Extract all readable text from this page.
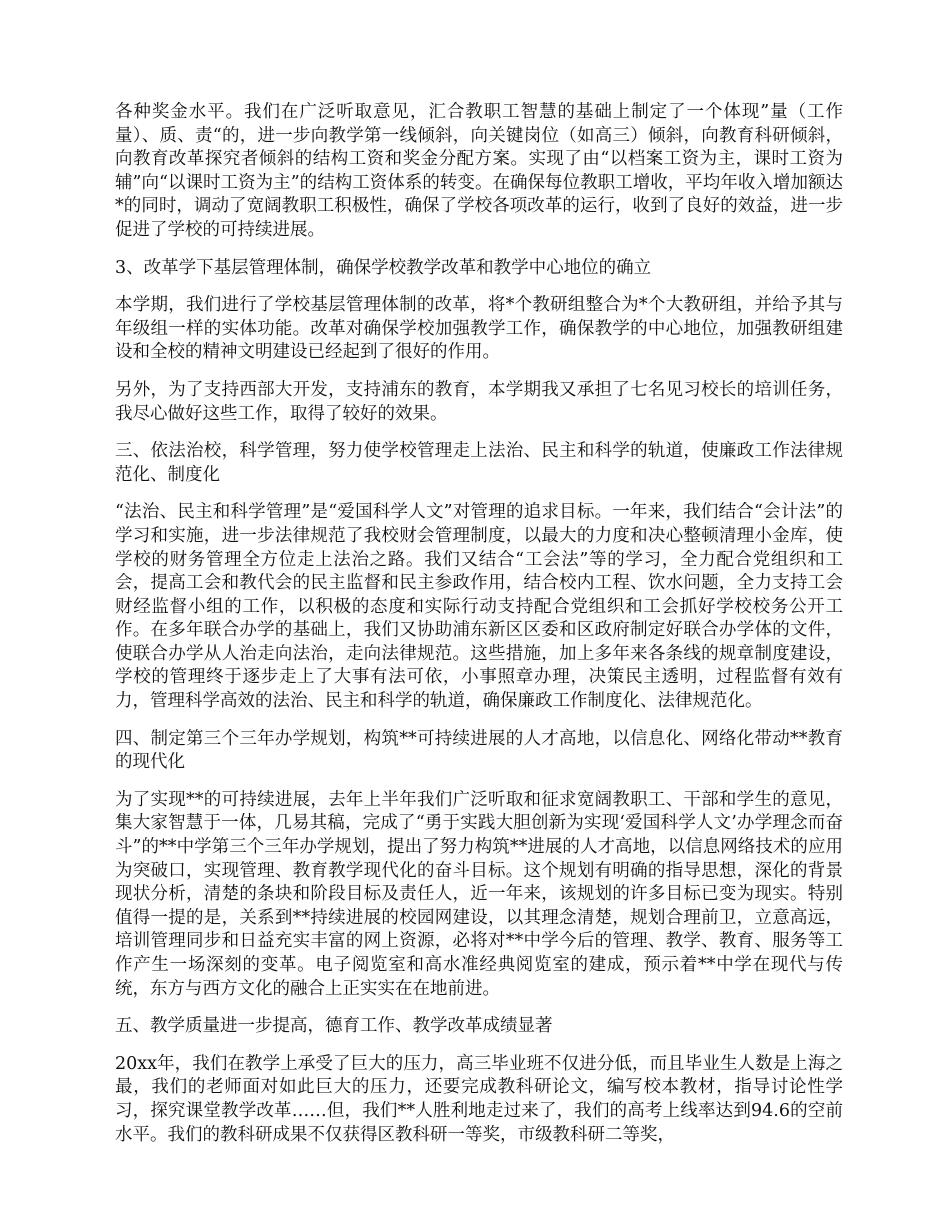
各种奖金水平。我们在广泛听取意见，汇合教职工智慧的基础上制定了一个体现”量（工作量）、质、责“的，进一步向教学第一线倾斜，向关键岗位（如高三）倾斜，向教育科研倾斜，向教育改革探究者倾斜的结构工资和奖金分配方案。实现了由“以档案工资为主，课时工资为辅”向“以课时工资为主”的结构工资体系的转变。在确保每位教职工增收，平均年收入增加额达*的同时，调动了宽阔教职工积极性，确保了学校各项改革的运行，收到了良好的效益，进一步促进了学校的可持续进展。

3、改革学下基层管理体制，确保学校教学改革和教学中心地位的确立

本学期，我们进行了学校基层管理体制的改革，将*个教研组整合为*个大教研组，并给予其与年级组一样的实体功能。改革对确保学校加强教学工作，确保教学的中心地位，加强教研组建设和全校的精神文明建设已经起到了很好的作用。

另外，为了支持西部大开发，支持浦东的教育，本学期我又承担了七名见习校长的培训任务，我尽心做好这些工作，取得了较好的效果。

三、依法治校，科学管理，努力使学校管理走上法治、民主和科学的轨道，使廉政工作法律规范化、制度化

“法治、民主和科学管理”是“爱国科学人文”对管理的追求目标。一年来，我们结合“会计法”的学习和实施，进一步法律规范了我校财会管理制度，以最大的力度和决心整顿清理小金库，使学校的财务管理全方位走上法治之路。我们又结合“工会法”等的学习，全力配合党组织和工会，提高工会和教代会的民主监督和民主参政作用，结合校内工程、饮水问题，全力支持工会财经监督小组的工作，以积极的态度和实际行动支持配合党组织和工会抓好学校校务公开工作。在多年联合办学的基础上，我们又协助浦东新区区委和区政府制定好联合办学体的文件，使联合办学从人治走向法治，走向法律规范。这些措施，加上多年来各条线的规章制度建设，学校的管理终于逐步走上了大事有法可依，小事照章办理，决策民主透明，过程监督有效有力，管理科学高效的法治、民主和科学的轨道，确保廉政工作制度化、法律规范化。

四、制定第三个三年办学规划，构筑**可持续进展的人才高地，以信息化、网络化带动**教育的现代化

为了实现**的可持续进展，去年上半年我们广泛听取和征求宽阔教职工、干部和学生的意见，集大家智慧于一体，几易其稿，完成了“勇于实践大胆创新为实现‘爱国科学人文’办学理念而奋斗”的**中学第三个三年办学规划，提出了努力构筑**进展的人才高地，以信息网络技术的应用为突破口，实现管理、教育教学现代化的奋斗目标。这个规划有明确的指导思想，深化的背景现状分析，清楚的条块和阶段目标及责任人，近一年来，该规划的许多目标已变为现实。特别值得一提的是，关系到**持续进展的校园网建设，以其理念清楚，规划合理前卫，立意高远，培训管理同步和日益充实丰富的网上资源，必将对**中学今后的管理、教学、教育、服务等工作产生一场深刻的变革。电子阅览室和高水准经典阅览室的建成，预示着**中学在现代与传统，东方与西方文化的融合上正实实在在地前进。

五、教学质量进一步提高，德育工作、教学改革成绩显著

20xx年，我们在教学上承受了巨大的压力，高三毕业班不仅进分低，而且毕业生人数是上海之最，我们的老师面对如此巨大的压力，还要完成教科研论文，编写校本教材，指导讨论性学习，探究课堂教学改革……但，我们**人胜利地走过来了，我们的高考上线率达到94.6的空前水平。我们的教科研成果不仅获得区教科研一等奖，市级教科研二等奖，
